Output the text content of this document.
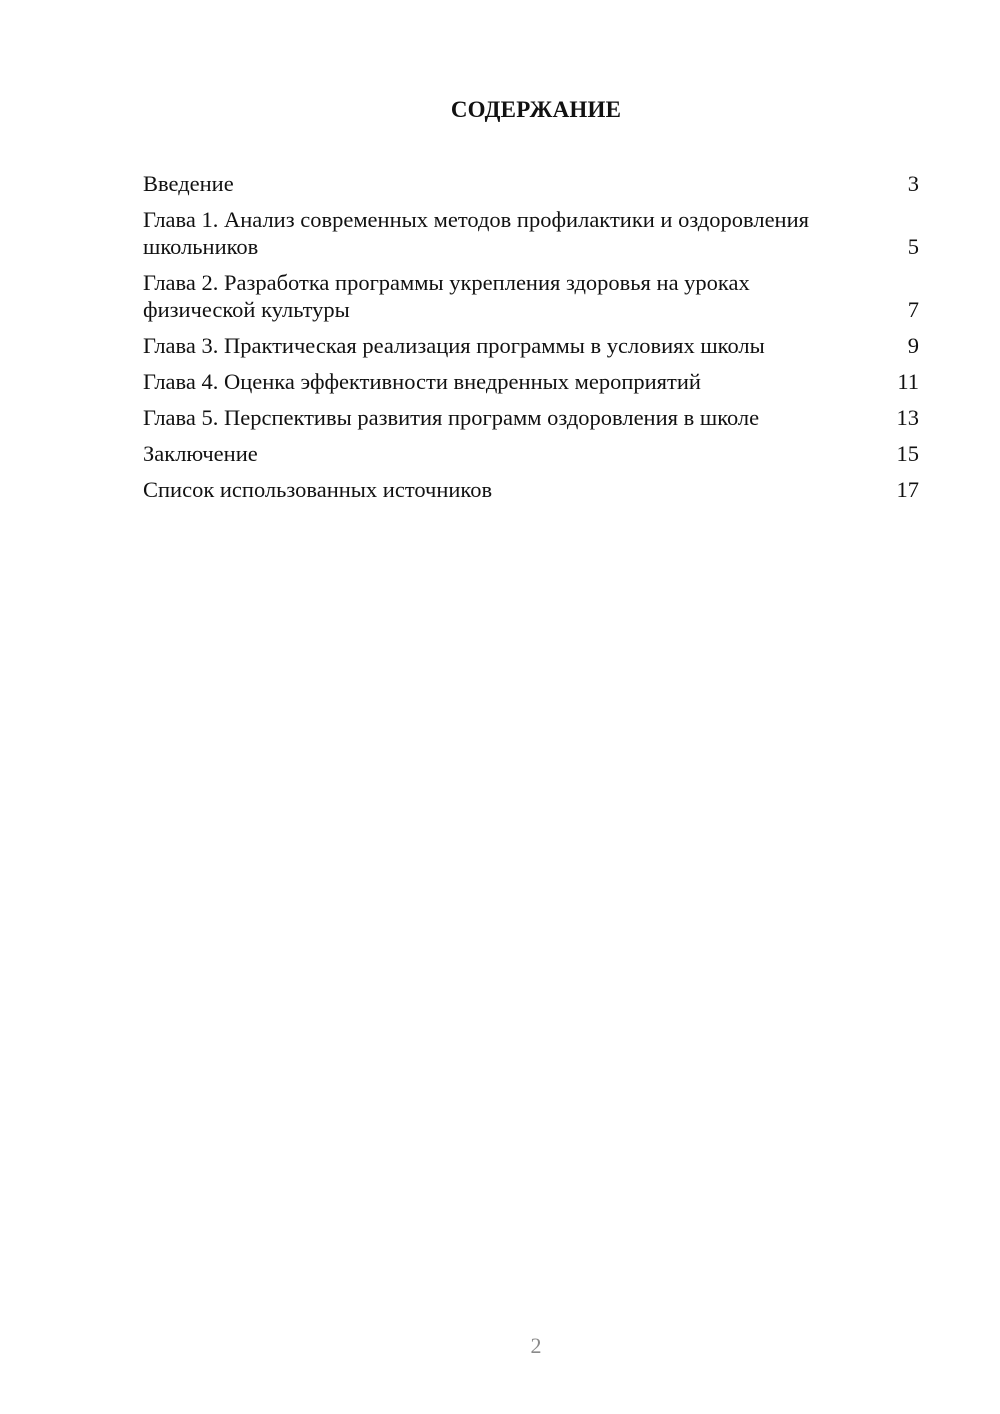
СОДЕРЖАНИЕ
Введение	3
Глава 1. Анализ современных методов профилактики и оздоровления школьников	5
Глава 2. Разработка программы укрепления здоровья на уроках физической культуры	7
Глава 3. Практическая реализация программы в условиях школы	9
Глава 4. Оценка эффективности внедренных мероприятий	11
Глава 5. Перспективы развития программ оздоровления в школе	13
Заключение	15
Список использованных источников	17
2
